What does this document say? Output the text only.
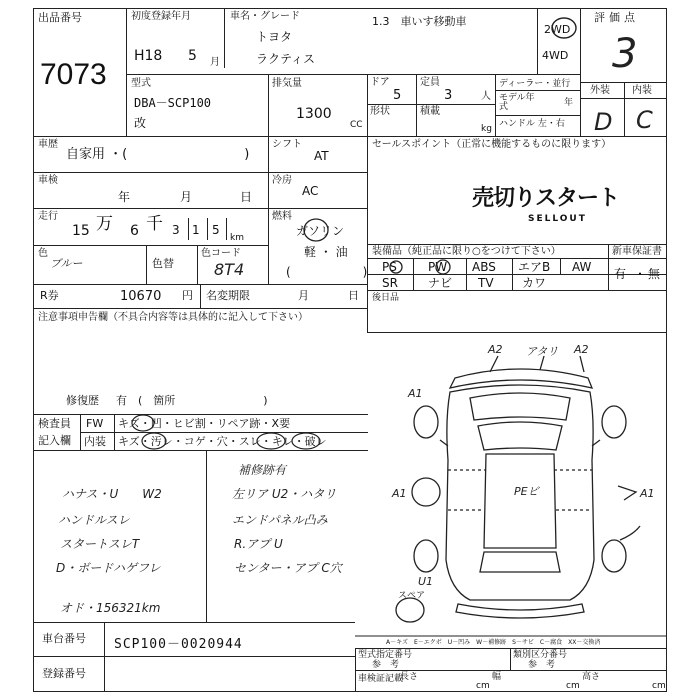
出品番号
7073
初度登録年月
H18 5 月
車名・グレード
トヨタ
ラクティス
1.3　車いす移動車
2WD
4WD
評価点
3
外装 内装
D C
型式
DBA－SCP100
改
排気量
1300
CC
ドア
5
定員
3	人
形状	積載
kg
ディーラー・並行
モデル年式	年
ハンドル 左・右
車歴
自家用 ・(　　　　　　　　　)
シフト
AT
冷房
AC
車検
年	月	日
走行
15 万 6 千 3 1 5
km
燃料
ガソリン
軽 ・ 油
(　　　　　　)
色
ブルー	色替
色コード
8T4
R券	10670 円 名変期限	月	日
注意事項申告欄（不具合内容等は具体的に記入して下さい）
修復歴 有　(　箇所　　　　　　　　)
セールスポイント（正常に機能するものに限ります）
売切りスタート
SELLOUT
装備品（純正品に限り○をつけて下さい）	新車保証書
有 ・ 無
PS	PW ABS エアB AW
SR	ナビ TV カワ
後日品
検査員
記入欄
FW キズ・凹・ヒビ割・リペア跡・X要
内装 キズ・汚レ・コゲ・穴・スレ・キレ・破レ
ハナス・U　　W2
ハンドルスレ
スタートスレT
D・ボードハゲフレ
オド・156321km
補修跡有
左リア U2・ハタリ
エンドパネル凸み
R.アプ U
センター・アプ C穴
車台番号 SCP100－0020944
登録番号
型式指定番号
参　考
類別区分番号
参　考
車検証記載
長さ
cm
幅
cm
高さ
cm
A2 アタリ A2
A1
A1	A1
U1
PEビ
スペア
A－キズ　E－エクボ　U－凹み　W－補修跡　S－サビ　C－腐食　XX－交換済
